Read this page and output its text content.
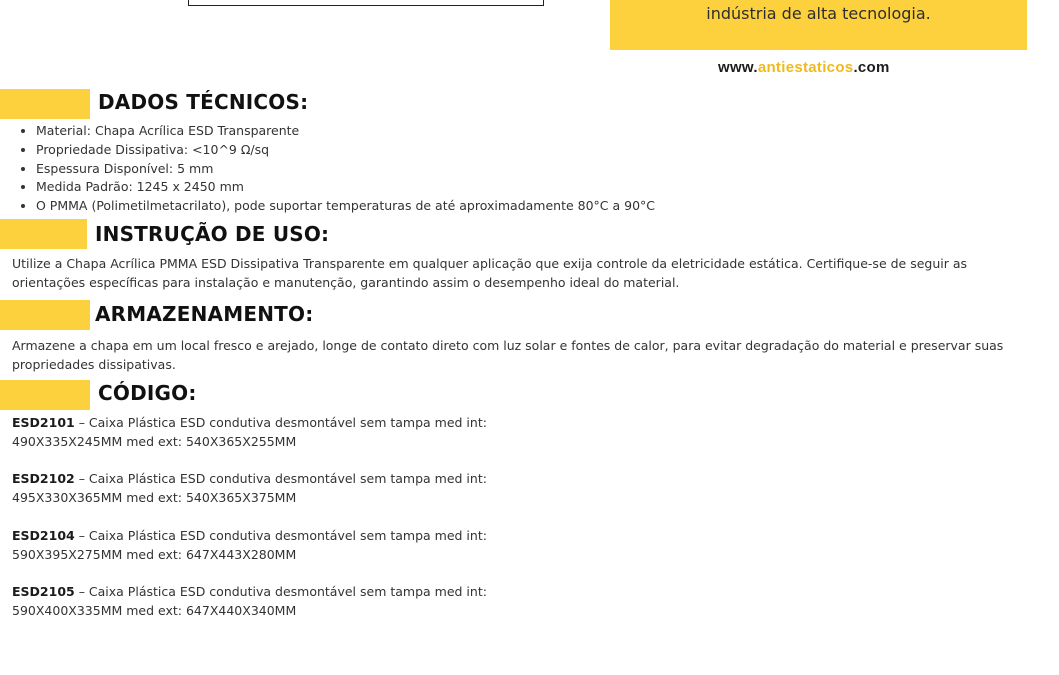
indústria de alta tecnologia.
www.antiestaticos.com
DADOS TÉCNICOS:
• Material: Chapa Acrílica ESD Transparente
• Propriedade Dissipativa: <10^9 Ω/sq
• Espessura Disponível: 5 mm
• Medida Padrão: 1245 x 2450 mm
• O PMMA (Polimetilmetacrilato), pode suportar temperaturas de até aproximadamente 80°C a 90°C
INSTRUÇÃO DE USO:

Utilize a Chapa Acrílica PMMA ESD Dissipativa Transparente em qualquer aplicação que exija controle da eletricidade estática. Certifique-se de seguir as orientações específicas para instalação e manutenção, garantindo assim o desempenho ideal do material.

ARMAZENAMENTO:

Armazene a chapa em um local fresco e arejado, longe de contato direto com luz solar e fontes de calor, para evitar degradação do material e preservar suas propriedades dissipativas.

CÓDIGO:
ESD2101 – Caixa Plástica ESD condutiva desmontável sem tampa med int:
490X335X245MM med ext: 540X365X255MM
ESD2102 – Caixa Plástica ESD condutiva desmontável sem tampa med int:
495X330X365MM med ext: 540X365X375MM
ESD2104 – Caixa Plástica ESD condutiva desmontável sem tampa med int:
590X395X275MM med ext: 647X443X280MM
ESD2105 – Caixa Plástica ESD condutiva desmontável sem tampa med int:
590X400X335MM med ext: 647X440X340MM
